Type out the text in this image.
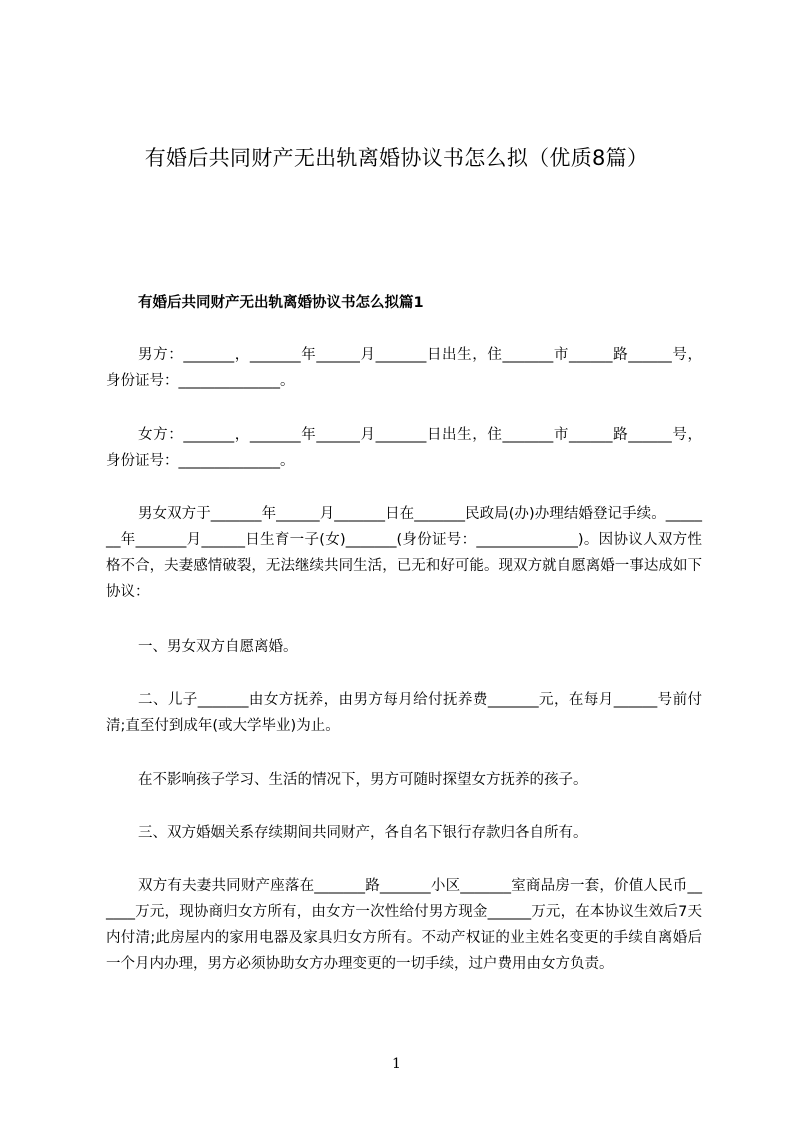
有婚后共同财产无出轨离婚协议书怎么拟（优质8篇）
有婚后共同财产无出轨离婚协议书怎么拟篇1
男方：_______，_______年______月_______日出生，住_______市______路______号，身份证号：______________。
女方：_______，_______年______月_______日出生，住_______市______路______号，身份证号：______________。
男女双方于_______年______月_______日在_______民政局(办)办理结婚登记手续。_______年_______月______日生育一子(女)_______(身份证号：______________)。因协议人双方性格不合，夫妻感情破裂，无法继续共同生活，已无和好可能。现双方就自愿离婚一事达成如下协议：
一、男女双方自愿离婚。
二、儿子_______由女方抚养，由男方每月给付抚养费_______元，在每月______号前付清;直至付到成年(或大学毕业)为止。
在不影响孩子学习、生活的情况下，男方可随时探望女方抚养的孩子。
三、双方婚姻关系存续期间共同财产，各自名下银行存款归各自所有。
双方有夫妻共同财产座落在_______路_______小区_______室商品房一套，价值人民币______万元，现协商归女方所有，由女方一次性给付男方现金______万元，在本协议生效后7天内付清;此房屋内的家用电器及家具归女方所有。不动产权证的业主姓名变更的手续自离婚后一个月内办理，男方必须协助女方办理变更的一切手续，过户费用由女方负责。
1
